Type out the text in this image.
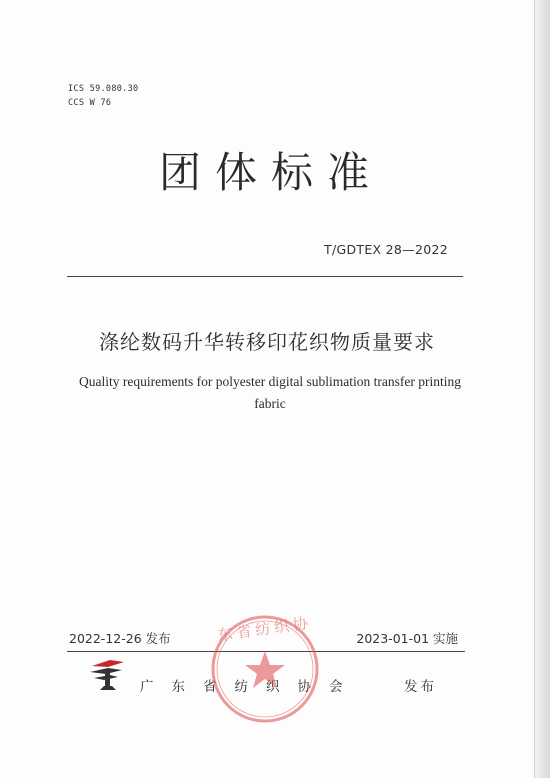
ICS 59.080.30
CCS W 76
团体标准
T/GDTEX 28—2022
涤纶数码升华转移印花织物质量要求
Quality requirements for polyester digital sublimation transfer printing
fabric
2022-12-26 发布	2023-01-01 实施
广东省纺织协会	发布
东省纺织协
